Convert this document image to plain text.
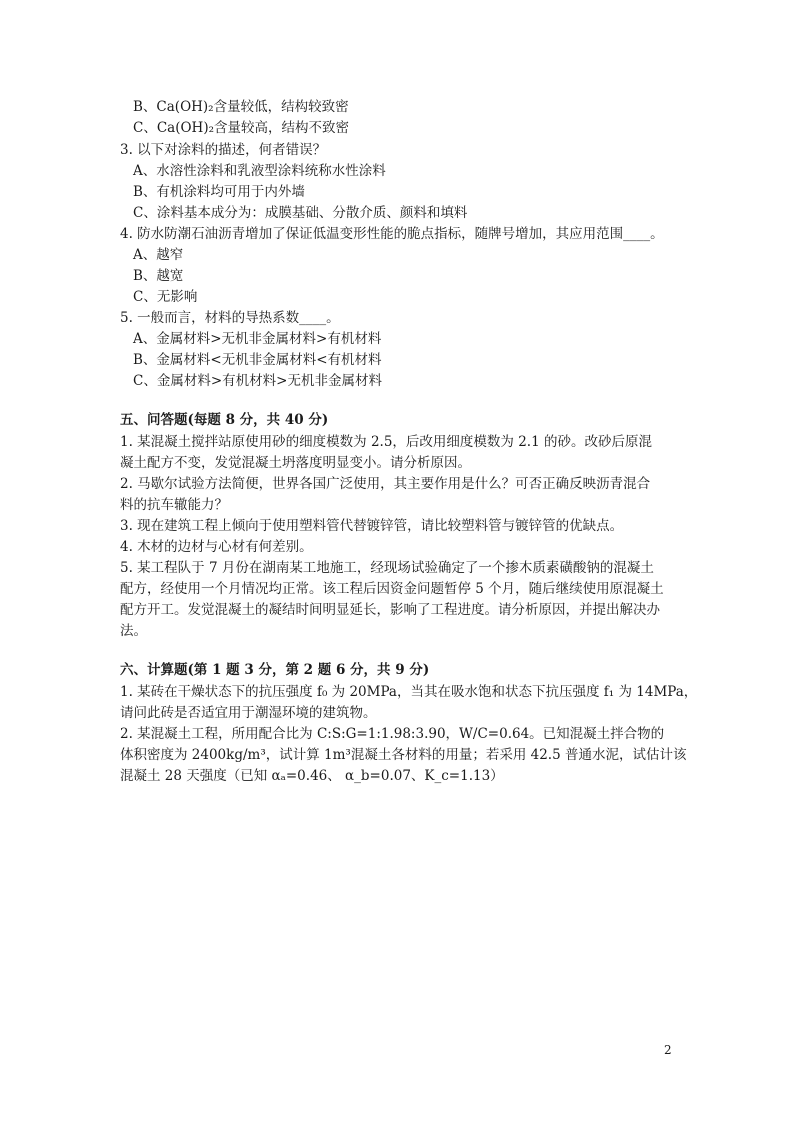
B、Ca(OH)₂含量较低，结构较致密
C、Ca(OH)₂含量较高，结构不致密
3. 以下对涂料的描述，何者错误？
A、水溶性涂料和乳液型涂料统称水性涂料
B、有机涂料均可用于内外墙
C、涂料基本成分为：成膜基础、分散介质、颜料和填料
4. 防水防潮石油沥青增加了保证低温变形性能的脆点指标，随牌号增加，其应用范围____。
A、越窄
B、越宽
C、无影响
5. 一般而言，材料的导热系数____。
A、金属材料>无机非金属材料>有机材料
B、金属材料<无机非金属材料<有机材料
C、金属材料>有机材料>无机非金属材料
五、问答题(每题 8 分，共 40 分)
1. 某混凝土搅拌站原使用砂的细度模数为 2.5，后改用细度模数为 2.1 的砂。改砂后原混
凝土配方不变，发觉混凝土坍落度明显变小。请分析原因。
2. 马歇尔试验方法简便，世界各国广泛使用，其主要作用是什么？可否正确反映沥青混合
料的抗车辙能力？
3. 现在建筑工程上倾向于使用塑料管代替镀锌管，请比较塑料管与镀锌管的优缺点。
4. 木材的边材与心材有何差别。
5. 某工程队于 7 月份在湖南某工地施工，经现场试验确定了一个掺木质素磺酸钠的混凝土
配方，经使用一个月情况均正常。该工程后因资金问题暂停 5 个月，随后继续使用原混凝土
配方开工。发觉混凝土的凝结时间明显延长，影响了工程进度。请分析原因，并提出解决办
法。
六、计算题(第 1 题 3 分，第 2 题 6 分，共 9 分)
1. 某砖在干燥状态下的抗压强度 f₀ 为 20MPa，当其在吸水饱和状态下抗压强度 f₁ 为 14MPa，
请问此砖是否适宜用于潮湿环境的建筑物。
2. 某混凝土工程，所用配合比为 C:S:G=1:1.98:3.90，W/C=0.64。已知混凝土拌合物的
体积密度为 2400kg/m³，试计算 1m³混凝土各材料的用量；若采用 42.5 普通水泥，试估计该
混凝土 28 天强度（已知 αₐ=0.46、 α_b=0.07、K_c=1.13）
2
